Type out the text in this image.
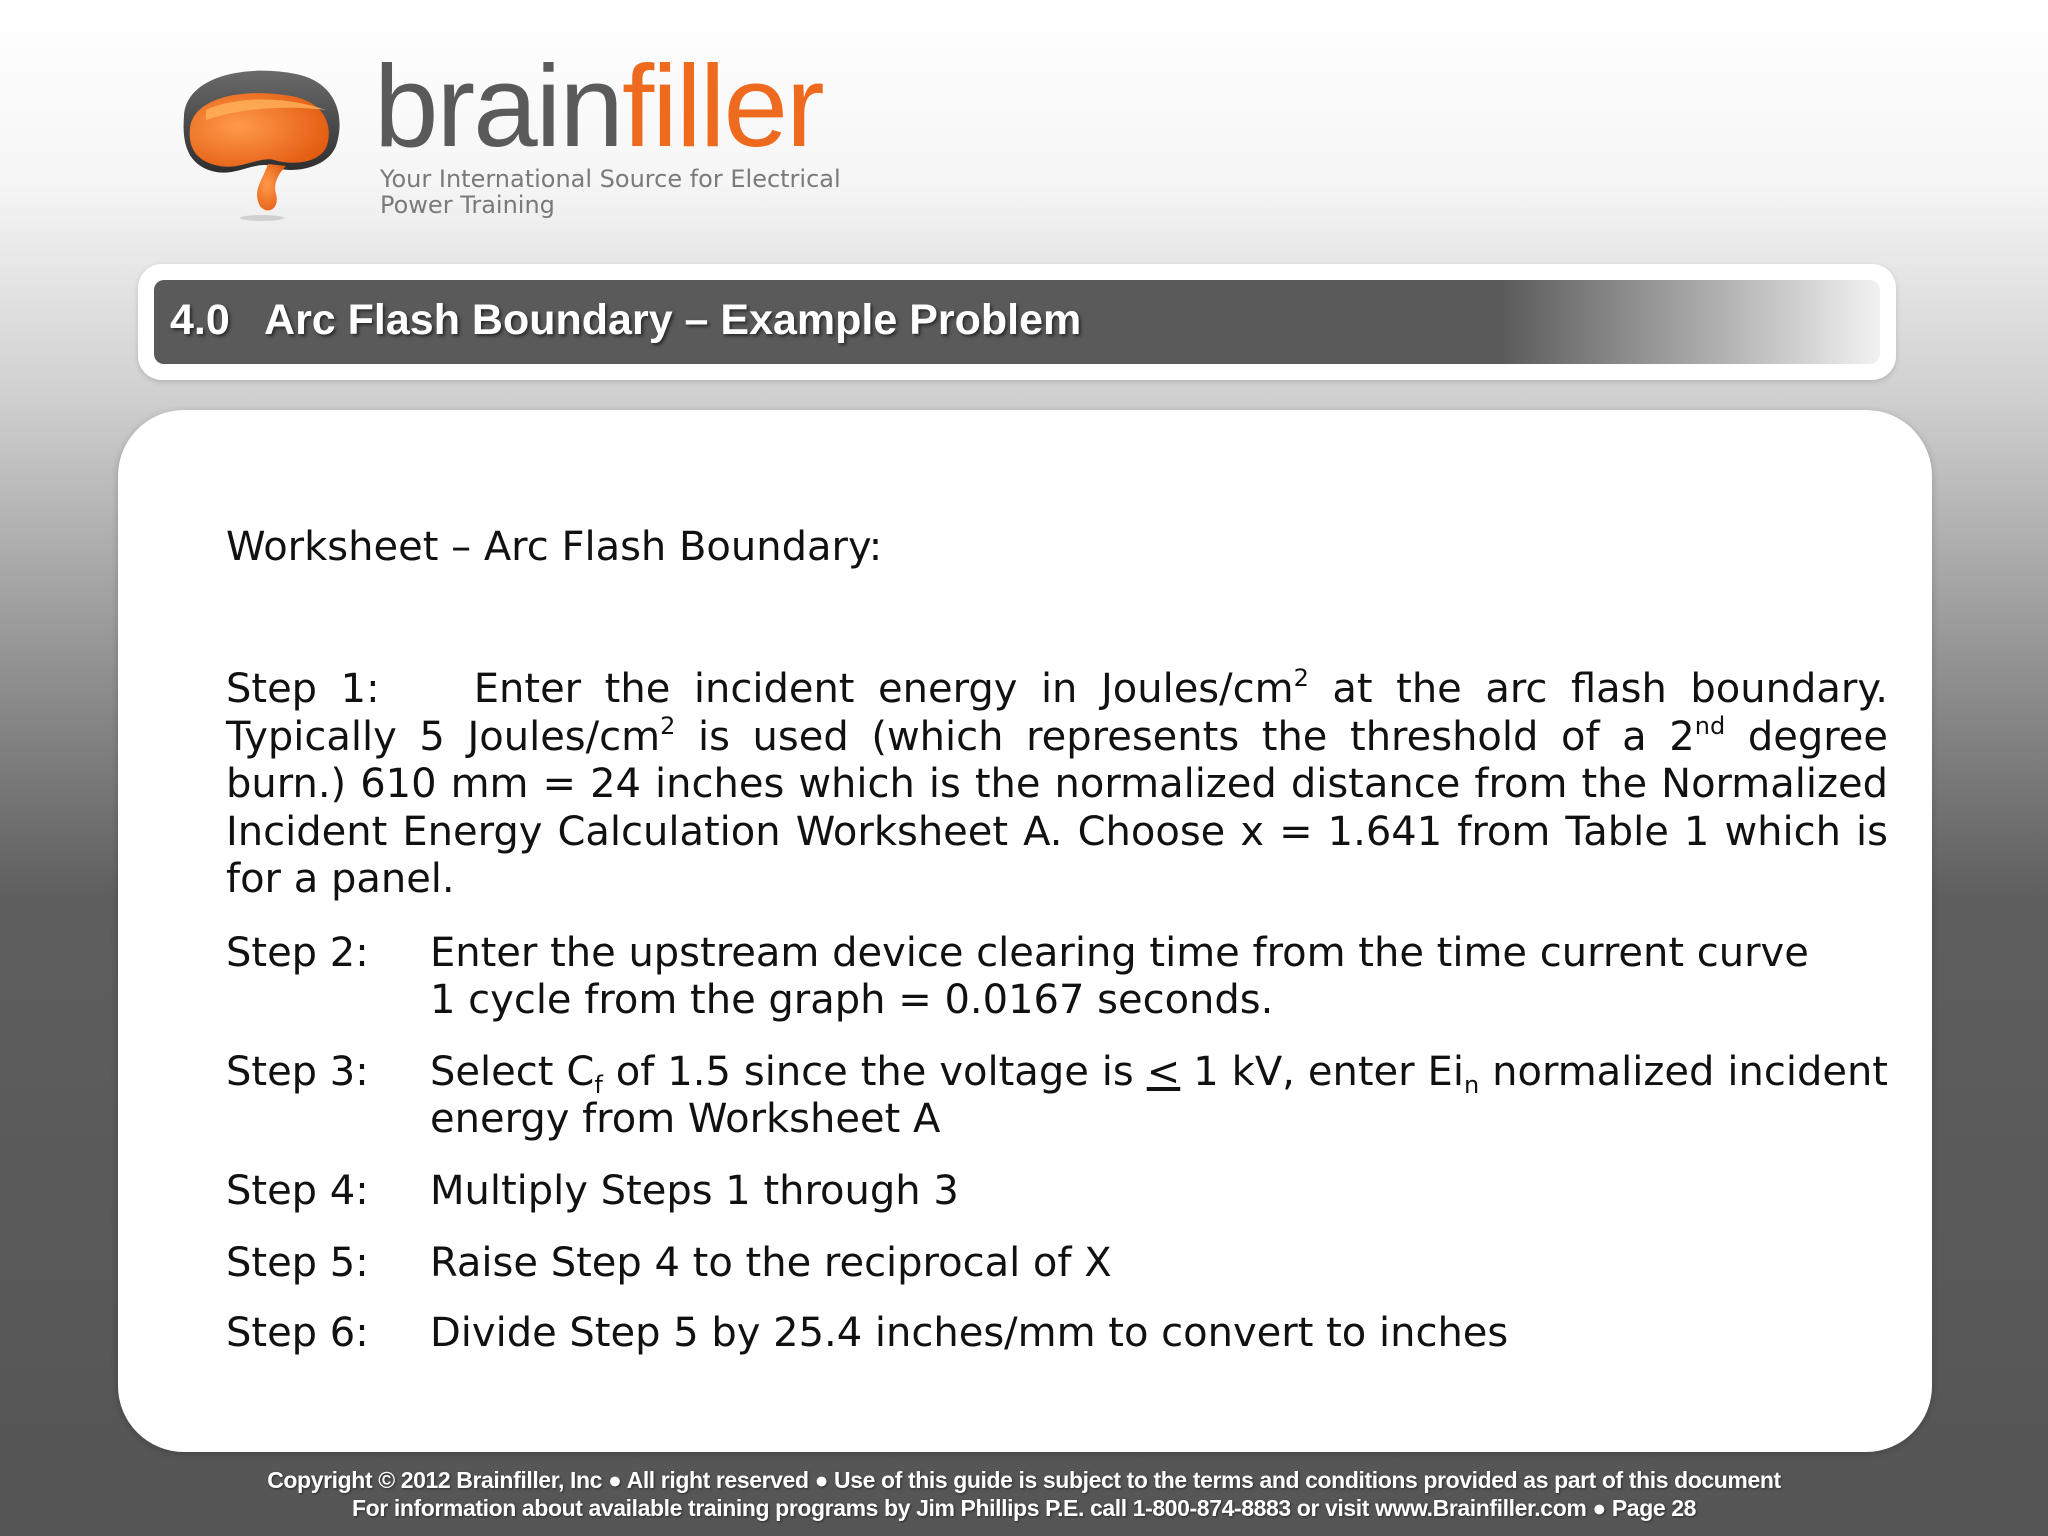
brainfiller
Your International Source for Electrical
Power Training
4.0   Arc Flash Boundary – Example Problem
Worksheet – Arc Flash Boundary:
Step 1: Enter the incident energy in Joules/$cm^2$ at the arc flash boundary. Typically 5 Joules/$cm^2$ is used (which represents the threshold of a 2nd degree burn.) 610 mm = 24 inches which is the normalized distance from the Normalized Incident Energy Calculation Worksheet A. Choose x = 1.641 from Table 1 which is for a panel.
Step 2: Enter the upstream device clearing time from the time current curve
1 cycle from the graph = 0.0167 seconds.
Step 3: Select $C_f$ of 1.5 since the voltage is ≤ 1 kV, enter $Ei_n$ normalized incident energy from Worksheet A
Step 4: Multiply Steps 1 through 3
Step 5: Raise Step 4 to the reciprocal of X
Step 6: Divide Step 5 by 25.4 inches/mm to convert to inches
Copyright © 2012 Brainfiller, Inc ● All right reserved ● Use of this guide is subject to the terms and conditions provided as part of this document
For information about available training programs by Jim Phillips P.E. call 1-800-874-8883 or visit www.Brainfiller.com ● Page 28
